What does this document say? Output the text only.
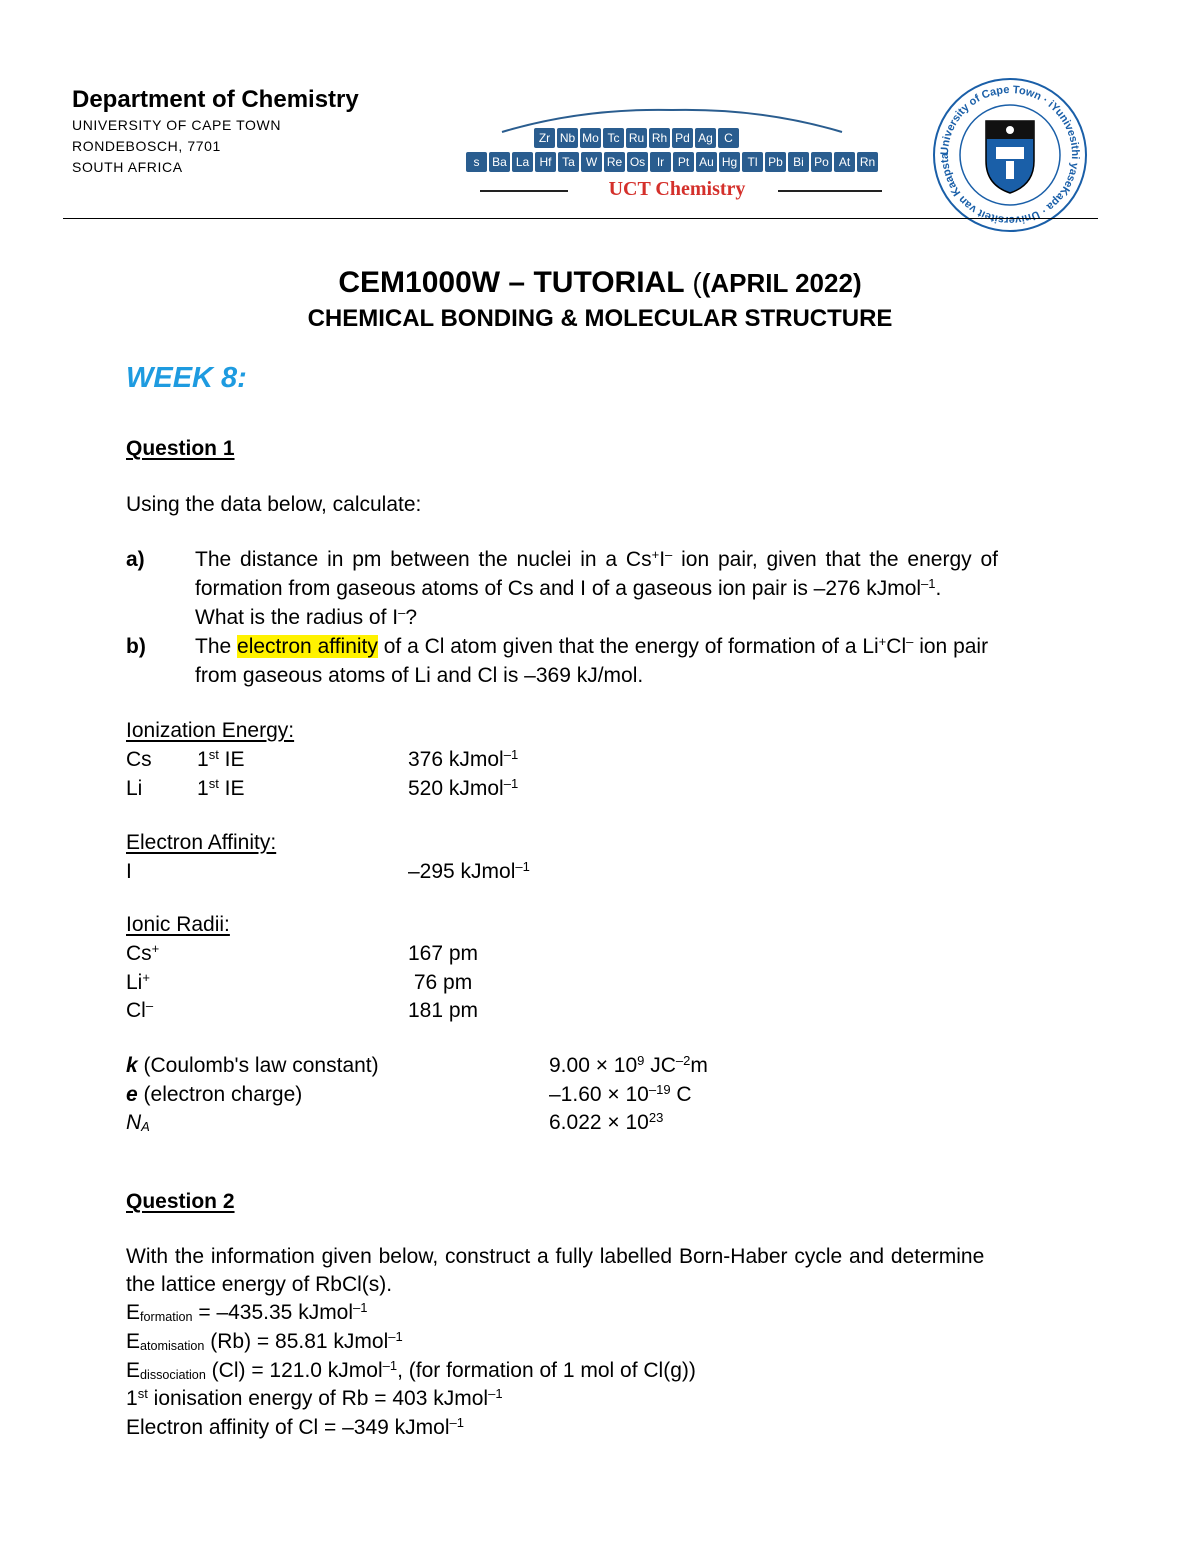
Department of Chemistry
UNIVERSITY OF CAPE TOWN
RONDEBOSCH, 7701
SOUTH AFRICA
Zr Nb Mo Tc Ru Rh Pd Ag C
s	Ba La Hf Ta W Re Os Ir	Pt Au Hg Tl Pb Bi Po At Rn
UCT Chemistry
University of Cape Town · iYunivesithi yaseKapa · Universiteit van Kaapsta
CEM1000W – TUTORIAL ((APRIL 2022)
CHEMICAL BONDING & MOLECULAR STRUCTURE
WEEK 8:
Question 1
Using the data below, calculate:
a) The distance in pm between the nuclei in a Cs+I– ion pair, given that the energy of
formation from gaseous atoms of Cs and I of a gaseous ion pair is –276 kJmol$^{-1}$.
What is the radius of I–?
b) The electron affinity of a Cl atom given that the energy of formation of a Li+Cl– ion pair
from gaseous atoms of Li and Cl is –369 kJ/mol.
Ionization Energy:
Cs 1st IE	376 kJmol$^{-1}$
Li	1st IE	520 kJmol$^{-1}$
Electron Affinity:
I	–295 kJmol$^{-1}$
Ionic Radii:
Cs+	167 pm
Li+	76 pm
Cl–	181 pm
k (Coulomb's law constant)	$9.00 \times 10^9$ $JC^{-2}m$
e (electron charge)	$-1.60 \times 10^{-19}$ C
$N_A$	$6.022 \times 10^{23}$
Question 2
With the information given below, construct a fully labelled Born-Haber cycle and determine
the lattice energy of RbCl(s).
$E_{formation} = -435.35$ kJmol$^{-1}$
$E_{atomisation}$ (Rb) = 85.81 kJmol$^{-1}$
$E_{dissociation}$ (Cl) = 121.0 kJmol$^{-1}$, (for formation of 1 mol of Cl(g))
1st ionisation energy of Rb = 403 kJmol$^{-1}$
Electron affinity of Cl = –349 kJmol$^{-1}$
